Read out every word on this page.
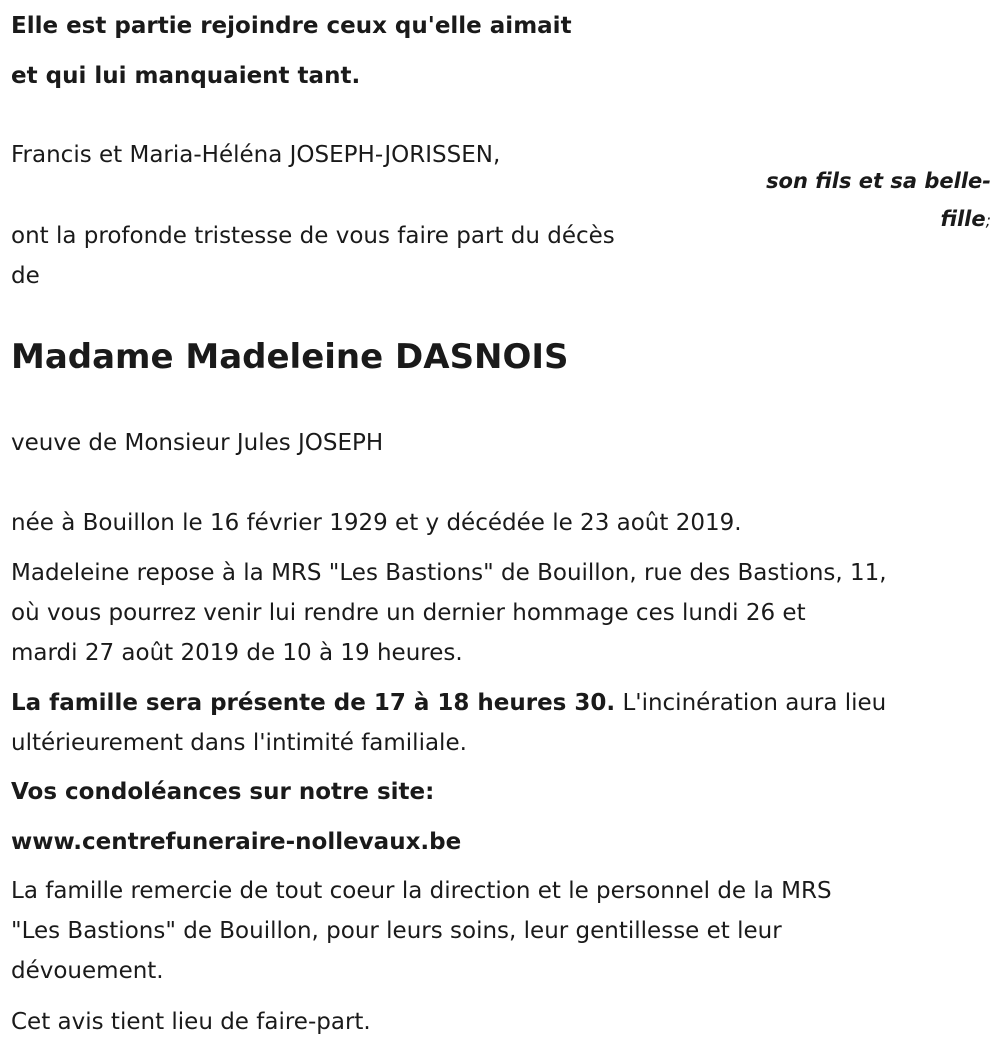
Elle est partie rejoindre ceux qu'elle aimait
et qui lui manquaient tant.
Francis et Maria-Héléna JOSEPH-JORISSEN,
son fils et sa belle-
fille;
ont la profonde tristesse de vous faire part du décès
de
Madame Madeleine DASNOIS
veuve de Monsieur Jules JOSEPH
née à Bouillon le 16 février 1929 et y décédée le 23 août 2019.
Madeleine repose à la MRS "Les Bastions" de Bouillon, rue des Bastions, 11,
où vous pourrez venir lui rendre un dernier hommage ces lundi 26 et
mardi 27 août 2019 de 10 à 19 heures.
La famille sera présente de 17 à 18 heures 30. L'incinération aura lieu
ultérieurement dans l'intimité familiale.
Vos condoléances sur notre site:
www.centrefuneraire-nollevaux.be
La famille remercie de tout coeur la direction et le personnel de la MRS
"Les Bastions" de Bouillon, pour leurs soins, leur gentillesse et leur
dévouement.
Cet avis tient lieu de faire-part.
